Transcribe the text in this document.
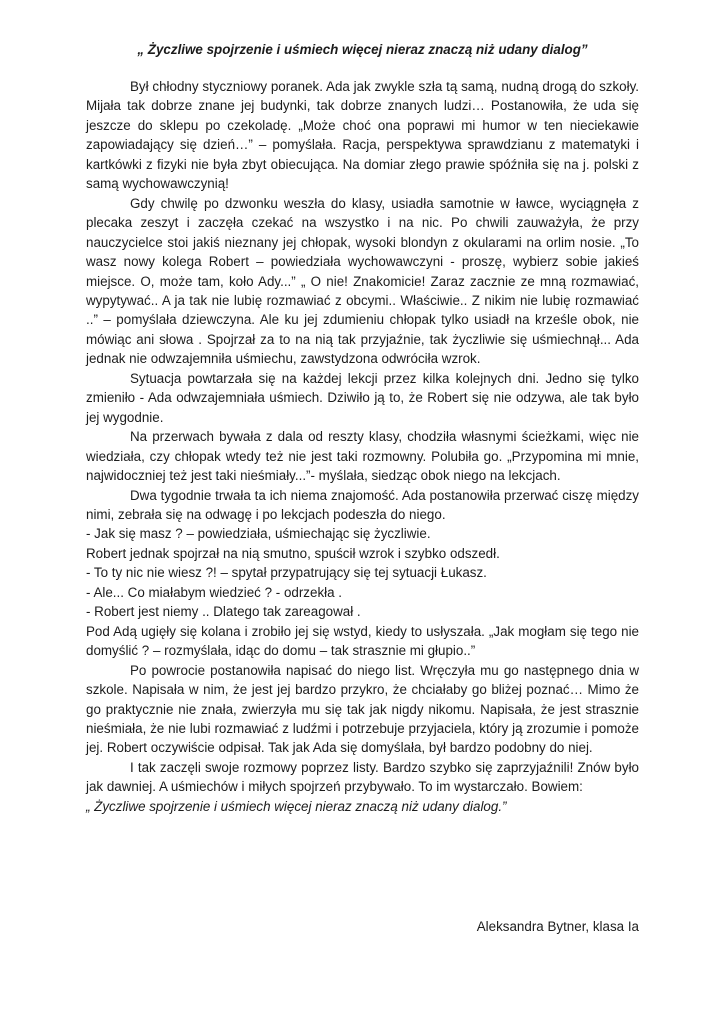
„ Życzliwe spojrzenie i uśmiech więcej nieraz znaczą niż udany dialog”

Był chłodny styczniowy poranek. Ada jak zwykle szła tą samą, nudną drogą do szkoły. Mijała tak dobrze znane jej budynki, tak dobrze znanych ludzi… Postanowiła, że uda się jeszcze do sklepu po czekoladę. „Może choć ona poprawi mi humor w ten nieciekawie zapowiadający się dzień…” – pomyślała. Racja, perspektywa sprawdzianu z matematyki i kartkówki z fizyki nie była zbyt obiecująca. Na domiar złego prawie spóźniła się na j. polski z samą wychowawczynią!

Gdy chwilę po dzwonku weszła do klasy, usiadła samotnie w ławce, wyciągnęła z plecaka zeszyt i zaczęła czekać na wszystko i na nic. Po chwili zauważyła, że przy nauczycielce stoi jakiś nieznany jej chłopak, wysoki blondyn z okularami na orlim nosie. „To wasz nowy kolega Robert – powiedziała wychowawczyni - proszę, wybierz sobie jakieś miejsce. O, może tam, koło Ady...” „ O nie! Znakomicie! Zaraz zacznie ze mną rozmawiać, wypytywać.. A ja tak nie lubię rozmawiać z obcymi.. Właściwie.. Z nikim nie lubię rozmawiać ..” – pomyślała dziewczyna. Ale ku jej zdumieniu chłopak tylko usiadł na krześle obok, nie mówiąc ani słowa . Spojrzał za to na nią tak przyjaźnie, tak życzliwie się uśmiechnął... Ada jednak nie odwzajemniła uśmiechu, zawstydzona odwróciła wzrok.

Sytuacja powtarzała się na każdej lekcji przez kilka kolejnych dni. Jedno się tylko zmieniło - Ada odwzajemniała uśmiech. Dziwiło ją to, że Robert się nie odzywa, ale tak było jej wygodnie.

Na przerwach bywała z dala od reszty klasy, chodziła własnymi ścieżkami, więc nie wiedziała, czy chłopak wtedy też nie jest taki rozmowny. Polubiła go. „Przypomina mi mnie, najwidoczniej też jest taki nieśmiały...”- myślała, siedząc obok niego na lekcjach.

Dwa tygodnie trwała ta ich niema znajomość. Ada postanowiła przerwać ciszę między nimi, zebrała się na odwagę i po lekcjach podeszła do niego.

- Jak się masz ? – powiedziała, uśmiechając się życzliwie.

Robert jednak spojrzał na nią smutno, spuścił wzrok i szybko odszedł.

- To ty nic nie wiesz ?! – spytał przypatrujący się tej sytuacji Łukasz.

- Ale... Co miałabym wiedzieć ? - odrzekła .

- Robert jest niemy .. Dlatego tak zareagował .

Pod Adą ugięły się kolana i zrobiło jej się wstyd, kiedy to usłyszała. „Jak mogłam się tego nie domyślić ? – rozmyślała, idąc do domu – tak strasznie mi głupio..”

Po powrocie postanowiła napisać do niego list. Wręczyła mu go następnego dnia w szkole. Napisała w nim, że jest jej bardzo przykro, że chciałaby go bliżej poznać… Mimo że go praktycznie nie znała, zwierzyła mu się tak jak nigdy nikomu. Napisała, że jest strasznie nieśmiała, że nie lubi rozmawiać z ludźmi i potrzebuje przyjaciela, który ją zrozumie i pomoże jej. Robert oczywiście odpisał. Tak jak Ada się domyślała, był bardzo podobny do niej.

I tak zaczęli swoje rozmowy poprzez listy. Bardzo szybko się zaprzyjaźnili! Znów było jak dawniej. A uśmiechów i miłych spojrzeń przybywało. To im wystarczało. Bowiem:

„ Życzliwe spojrzenie i uśmiech więcej nieraz znaczą niż udany dialog.”

Aleksandra Bytner, klasa Ia
